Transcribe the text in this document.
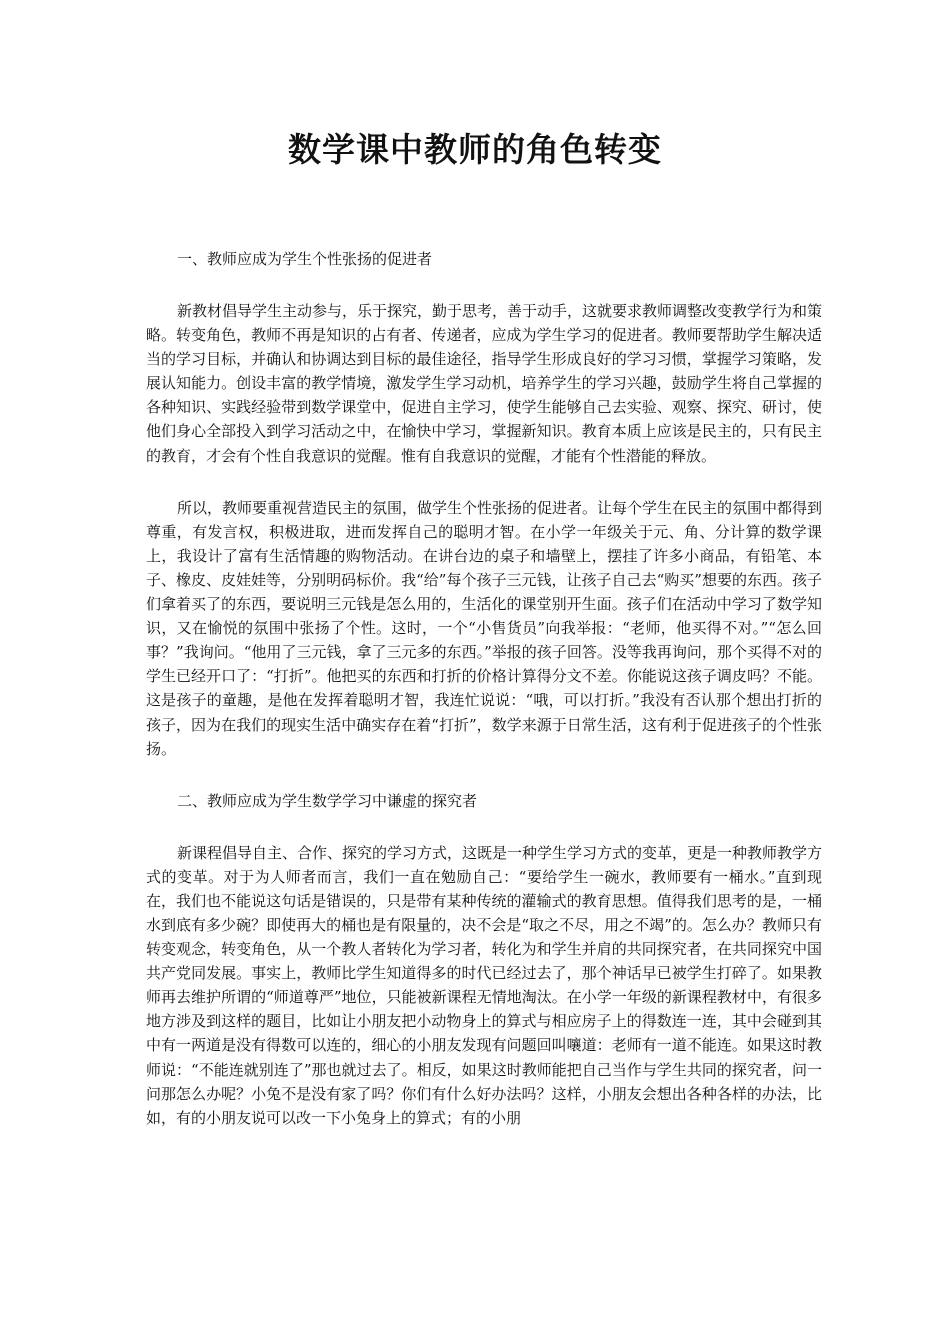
数学课中教师的角色转变

一、教师应成为学生个性张扬的促进者

新教材倡导学生主动参与，乐于探究，勤于思考，善于动手，这就要求教师调整改变教学行为和策略。转变角色，教师不再是知识的占有者、传递者，应成为学生学习的促进者。教师要帮助学生解决适当的学习目标，并确认和协调达到目标的最佳途径，指导学生形成良好的学习习惯，掌握学习策略，发展认知能力。创设丰富的教学情境，激发学生学习动机，培养学生的学习兴趣，鼓励学生将自己掌握的各种知识、实践经验带到数学课堂中，促进自主学习，使学生能够自己去实验、观察、探究、研讨，使他们身心全部投入到学习活动之中，在愉快中学习，掌握新知识。教育本质上应该是民主的，只有民主的教育，才会有个性自我意识的觉醒。惟有自我意识的觉醒，才能有个性潜能的释放。

所以，教师要重视营造民主的氛围，做学生个性张扬的促进者。让每个学生在民主的氛围中都得到尊重，有发言权，积极进取，进而发挥自己的聪明才智。在小学一年级关于元、角、分计算的数学课上，我设计了富有生活情趣的购物活动。在讲台边的桌子和墙壁上，摆挂了许多小商品，有铅笔、本子、橡皮、皮娃娃等，分别明码标价。我“给”每个孩子三元钱，让孩子自己去“购买”想要的东西。孩子们拿着买了的东西，要说明三元钱是怎么用的，生活化的课堂别开生面。孩子们在活动中学习了数学知识，又在愉悦的氛围中张扬了个性。这时，一个“小售货员”向我举报：“老师，他买得不对。”“怎么回事？”我询问。“他用了三元钱，拿了三元多的东西。”举报的孩子回答。没等我再询问，那个买得不对的学生已经开口了：“打折”。他把买的东西和打折的价格计算得分文不差。你能说这孩子调皮吗？不能。这是孩子的童趣，是他在发挥着聪明才智，我连忙说说：“哦，可以打折。”我没有否认那个想出打折的孩子，因为在我们的现实生活中确实存在着“打折”，数学来源于日常生活，这有利于促进孩子的个性张扬。

二、教师应成为学生数学学习中谦虚的探究者

新课程倡导自主、合作、探究的学习方式，这既是一种学生学习方式的变革，更是一种教师教学方式的变革。对于为人师者而言，我们一直在勉励自己：“要给学生一碗水，教师要有一桶水。”直到现在，我们也不能说这句话是错误的，只是带有某种传统的灌输式的教育思想。值得我们思考的是，一桶水到底有多少碗？即使再大的桶也是有限量的，决不会是“取之不尽，用之不竭”的。怎么办？教师只有转变观念，转变角色，从一个教人者转化为学习者，转化为和学生并肩的共同探究者，在共同探究中国共产党同发展。事实上，教师比学生知道得多的时代已经过去了，那个神话早已被学生打碎了。如果教师再去维护所谓的“师道尊严”地位，只能被新课程无情地淘汰。在小学一年级的新课程教材中，有很多地方涉及到这样的题目，比如让小朋友把小动物身上的算式与相应房子上的得数连一连，其中会碰到其中有一两道是没有得数可以连的，细心的小朋友发现有问题回叫嚷道：老师有一道不能连。如果这时教师说：“不能连就别连了”那也就过去了。相反，如果这时教师能把自己当作与学生共同的探究者，问一问那怎么办呢？小兔不是没有家了吗？你们有什么好办法吗？这样，小朋友会想出各种各样的办法，比如，有的小朋友说可以改一下小兔身上的算式；有的小朋
